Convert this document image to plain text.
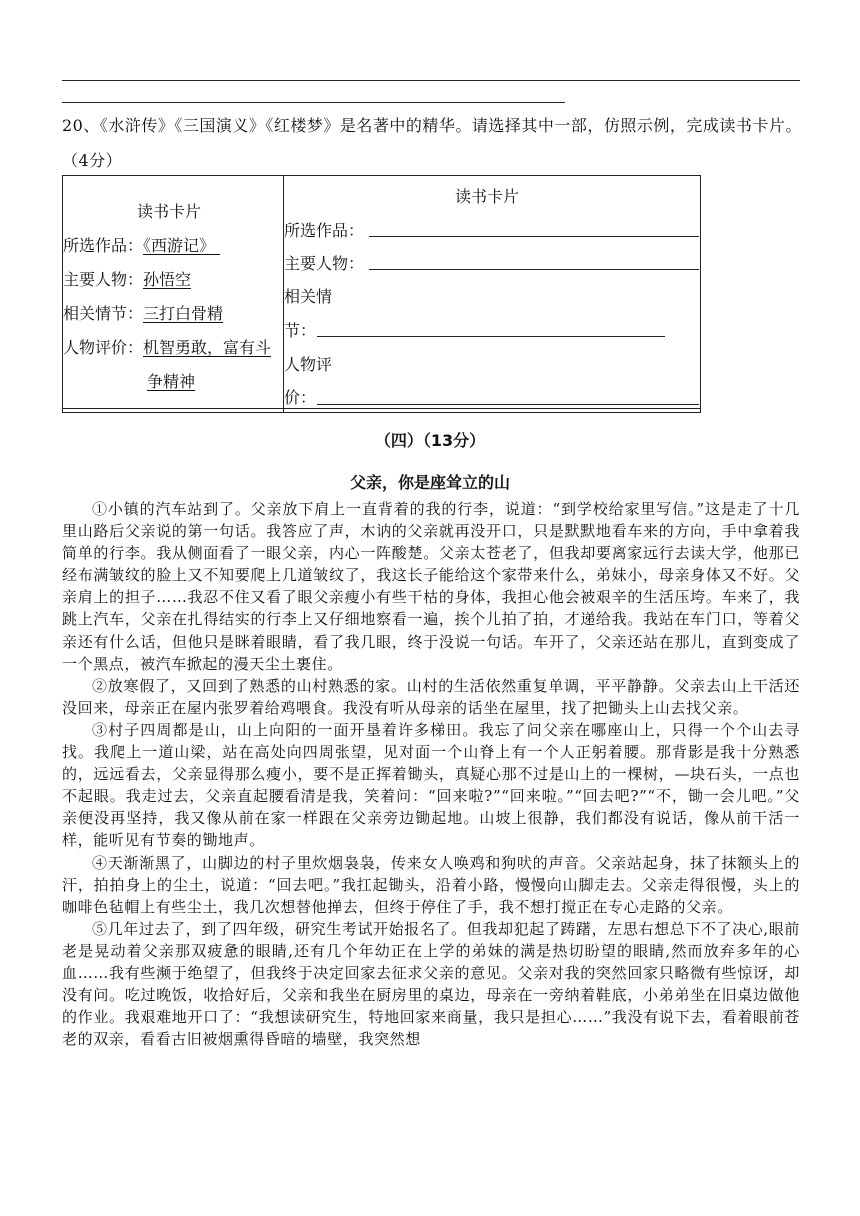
20、《水浒传》《三国演义》《红楼梦》是名著中的精华。请选择其中一部，仿照示例，完成读书卡片。（4分）
读书卡片
所选作品：《西游记》
主要人物：孙悟空
相关情节：三打白骨精
人物评价：机智勇敢，富有斗
争精神
读书卡片
所选作品：
主要人物：
相关情
节：
人物评
价：
（四）（13分）
父亲，你是座耸立的山

①小镇的汽车站到了。父亲放下肩上一直背着的我的行李，说道：“到学校给家里写信。”这是走了十几里山路后父亲说的第一句话。我答应了声，木讷的父亲就再没开口，只是默默地看车来的方向，手中拿着我简单的行李。我从侧面看了一眼父亲，内心一阵酸楚。父亲太苍老了，但我却要离家远行去读大学，他那已经布满皱纹的脸上又不知要爬上几道皱纹了，我这长子能给这个家带来什么，弟妹小，母亲身体又不好。父亲肩上的担子……我忍不住又看了眼父亲瘦小有些干枯的身体，我担心他会被艰辛的生活压垮。车来了，我跳上汽车，父亲在扎得结实的行李上又仔细地察看一遍，挨个儿拍了拍，才递给我。我站在车门口，等着父亲还有什么话，但他只是眯着眼睛，看了我几眼，终于没说一句话。车开了，父亲还站在那儿，直到变成了一个黑点，被汽车掀起的漫天尘土裹住。

②放寒假了，又回到了熟悉的山村熟悉的家。山村的生活依然重复单调，平平静静。父亲去山上干活还没回来，母亲正在屋内张罗着给鸡喂食。我没有听从母亲的话坐在屋里，找了把锄头上山去找父亲。

③村子四周都是山，山上向阳的一面开垦着许多梯田。我忘了问父亲在哪座山上，只得一个个山去寻找。我爬上一道山梁，站在高处向四周张望，见对面一个山脊上有一个人正躬着腰。那背影是我十分熟悉的，远远看去，父亲显得那么瘦小，要不是正挥着锄头，真疑心那不过是山上的一棵树，—块石头，一点也不起眼。我走过去，父亲直起腰看清是我，笑着问：“回来啦?”“回来啦。”“回去吧?”“不，锄一会儿吧。”父亲便没再坚持，我又像从前在家一样跟在父亲旁边锄起地。山坡上很静，我们都没有说话，像从前干活一样，能听见有节奏的锄地声。

④天渐渐黑了，山脚边的村子里炊烟袅袅，传来女人唤鸡和狗吠的声音。父亲站起身，抹了抹额头上的汗，拍拍身上的尘土，说道：“回去吧。”我扛起锄头，沿着小路，慢慢向山脚走去。父亲走得很慢，头上的咖啡色毡帽上有些尘土，我几次想替他掸去，但终于停住了手，我不想打搅正在专心走路的父亲。

⑤几年过去了，到了四年级，研究生考试开始报名了。但我却犯起了踌躇，左思右想总下不了决心,眼前老是晃动着父亲那双疲惫的眼睛,还有几个年幼正在上学的弟妹的满是热切盼望的眼睛,然而放弃多年的心血……我有些濒于绝望了，但我终于决定回家去征求父亲的意见。父亲对我的突然回家只略微有些惊讶，却没有问。吃过晚饭，收拾好后，父亲和我坐在厨房里的桌边，母亲在一旁纳着鞋底，小弟弟坐在旧桌边做他的作业。我艰难地开口了：“我想读研究生，特地回家来商量，我只是担心……”我没有说下去，看着眼前苍老的双亲，看看古旧被烟熏得昏暗的墙壁，我突然想
